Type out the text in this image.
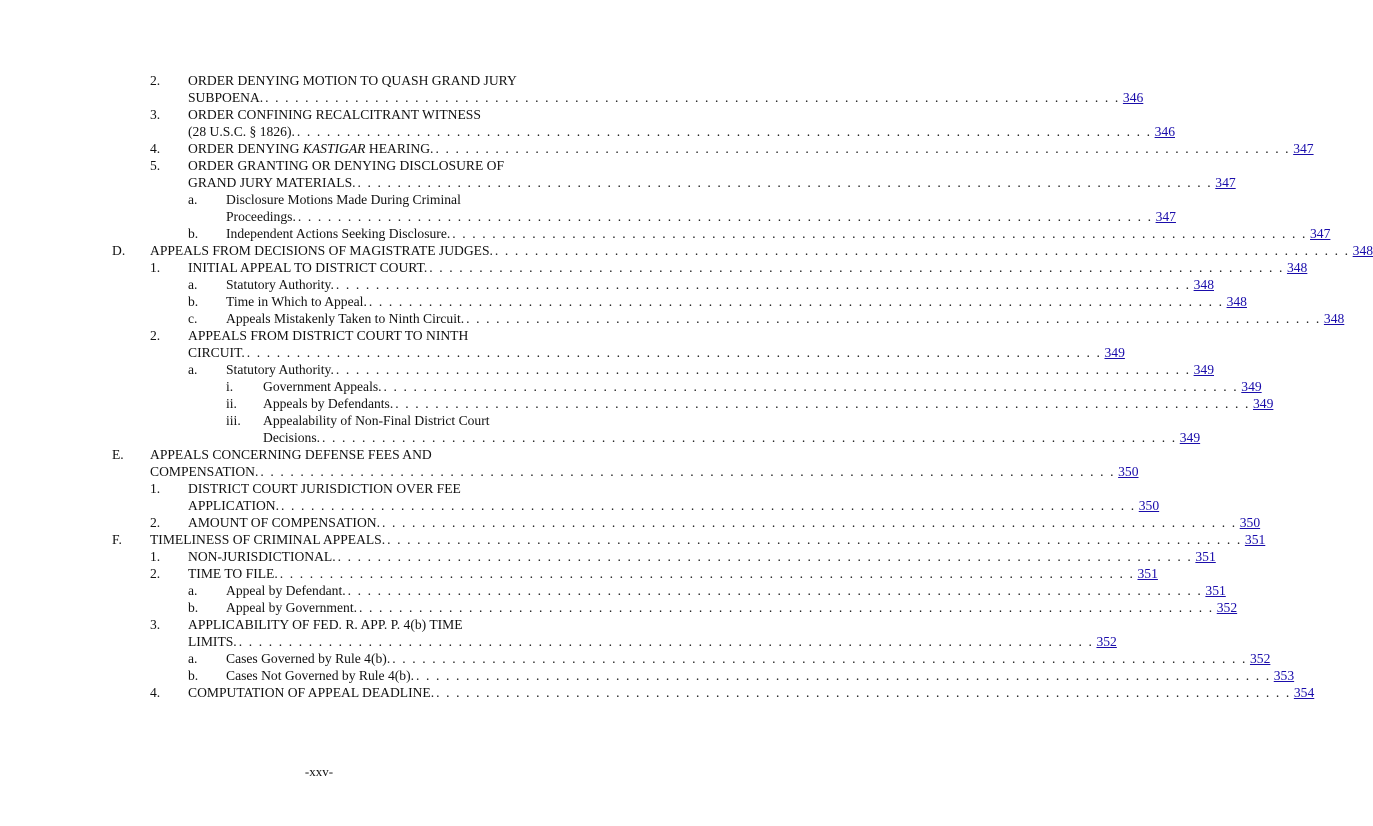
2. ORDER DENYING MOTION TO QUASH GRAND JURY
SUBPOENA. . . . . . . . . . . . . . . . . . . . . . . . . . . . . . . . . . . . . . . . . . . . . . . . . . . . . . . . . . . . . . . . . . . . . . . . . . . . . . . . . . . . . . . 346
3. ORDER CONFINING RECALCITRANT WITNESS
(28 U.S.C. § 1826). . . . . . . . . . . . . . . . . . . . . . . . . . . . . . . . . . . . . . . . . . . . . . . . . . . . . . . . . . . . . . . . . . . . . . . . . . . . . . . . . . . . . . . 346
4. ORDER DENYING KASTIGAR HEARING. . . . . . . . . . . . . . . . . . . . . . . . . . . . . . . . . . . . . . . . . . . . . . . . . . . . . . . . . . . . . . . . . . . . . . . . . . . . . . . . . . . . . . . 347
5. ORDER GRANTING OR DENYING DISCLOSURE OF
GRAND JURY MATERIALS. . . . . . . . . . . . . . . . . . . . . . . . . . . . . . . . . . . . . . . . . . . . . . . . . . . . . . . . . . . . . . . . . . . . . . . . . . . . . . . . . . . . . . . 347
a. Disclosure Motions Made During Criminal
Proceedings. . . . . . . . . . . . . . . . . . . . . . . . . . . . . . . . . . . . . . . . . . . . . . . . . . . . . . . . . . . . . . . . . . . . . . . . . . . . . . . . . . . . . . . 347
b. Independent Actions Seeking Disclosure. . . . . . . . . . . . . . . . . . . . . . . . . . . . . . . . . . . . . . . . . . . . . . . . . . . . . . . . . . . . . . . . . . . . . . . . . . . . . . . . . . . . . . . 347
D. APPEALS FROM DECISIONS OF MAGISTRATE JUDGES. . . . . . . . . . . . . . . . . . . . . . . . . . . . . . . . . . . . . . . . . . . . . . . . . . . . . . . . . . . . . . . . . . . . . . . . . . . . . . . . . . . . . . . 348
1. INITIAL APPEAL TO DISTRICT COURT. . . . . . . . . . . . . . . . . . . . . . . . . . . . . . . . . . . . . . . . . . . . . . . . . . . . . . . . . . . . . . . . . . . . . . . . . . . . . . . . . . . . . . . 348
a. Statutory Authority. . . . . . . . . . . . . . . . . . . . . . . . . . . . . . . . . . . . . . . . . . . . . . . . . . . . . . . . . . . . . . . . . . . . . . . . . . . . . . . . . . . . . . . 348
b. Time in Which to Appeal. . . . . . . . . . . . . . . . . . . . . . . . . . . . . . . . . . . . . . . . . . . . . . . . . . . . . . . . . . . . . . . . . . . . . . . . . . . . . . . . . . . . . . . 348
c. Appeals Mistakenly Taken to Ninth Circuit. . . . . . . . . . . . . . . . . . . . . . . . . . . . . . . . . . . . . . . . . . . . . . . . . . . . . . . . . . . . . . . . . . . . . . . . . . . . . . . . . . . . . . . 348
2. APPEALS FROM DISTRICT COURT TO NINTH
CIRCUIT. . . . . . . . . . . . . . . . . . . . . . . . . . . . . . . . . . . . . . . . . . . . . . . . . . . . . . . . . . . . . . . . . . . . . . . . . . . . . . . . . . . . . . . 349
a. Statutory Authority. . . . . . . . . . . . . . . . . . . . . . . . . . . . . . . . . . . . . . . . . . . . . . . . . . . . . . . . . . . . . . . . . . . . . . . . . . . . . . . . . . . . . . . 349
i. Government Appeals. . . . . . . . . . . . . . . . . . . . . . . . . . . . . . . . . . . . . . . . . . . . . . . . . . . . . . . . . . . . . . . . . . . . . . . . . . . . . . . . . . . . . . . 349
ii. Appeals by Defendants. . . . . . . . . . . . . . . . . . . . . . . . . . . . . . . . . . . . . . . . . . . . . . . . . . . . . . . . . . . . . . . . . . . . . . . . . . . . . . . . . . . . . . . 349
iii. Appealability of Non-Final District Court
Decisions. . . . . . . . . . . . . . . . . . . . . . . . . . . . . . . . . . . . . . . . . . . . . . . . . . . . . . . . . . . . . . . . . . . . . . . . . . . . . . . . . . . . . . . 349
E. APPEALS CONCERNING DEFENSE FEES AND
COMPENSATION. . . . . . . . . . . . . . . . . . . . . . . . . . . . . . . . . . . . . . . . . . . . . . . . . . . . . . . . . . . . . . . . . . . . . . . . . . . . . . . . . . . . . . . 350
1. DISTRICT COURT JURISDICTION OVER FEE
APPLICATION. . . . . . . . . . . . . . . . . . . . . . . . . . . . . . . . . . . . . . . . . . . . . . . . . . . . . . . . . . . . . . . . . . . . . . . . . . . . . . . . . . . . . . . 350
2. AMOUNT OF COMPENSATION. . . . . . . . . . . . . . . . . . . . . . . . . . . . . . . . . . . . . . . . . . . . . . . . . . . . . . . . . . . . . . . . . . . . . . . . . . . . . . . . . . . . . . . 350
F. TIMELINESS OF CRIMINAL APPEALS. . . . . . . . . . . . . . . . . . . . . . . . . . . . . . . . . . . . . . . . . . . . . . . . . . . . . . . . . . . . . . . . . . . . . . . . . . . . . . . . . . . . . . . 351
1. NON-JURISDICTIONAL. . . . . . . . . . . . . . . . . . . . . . . . . . . . . . . . . . . . . . . . . . . . . . . . . . . . . . . . . . . . . . . . . . . . . . . . . . . . . . . . . . . . . . . 351
2. TIME TO FILE. . . . . . . . . . . . . . . . . . . . . . . . . . . . . . . . . . . . . . . . . . . . . . . . . . . . . . . . . . . . . . . . . . . . . . . . . . . . . . . . . . . . . . . 351
a. Appeal by Defendant. . . . . . . . . . . . . . . . . . . . . . . . . . . . . . . . . . . . . . . . . . . . . . . . . . . . . . . . . . . . . . . . . . . . . . . . . . . . . . . . . . . . . . . 351
b. Appeal by Government. . . . . . . . . . . . . . . . . . . . . . . . . . . . . . . . . . . . . . . . . . . . . . . . . . . . . . . . . . . . . . . . . . . . . . . . . . . . . . . . . . . . . . . 352
3. APPLICABILITY OF FED. R. APP. P. 4(b) TIME
LIMITS. . . . . . . . . . . . . . . . . . . . . . . . . . . . . . . . . . . . . . . . . . . . . . . . . . . . . . . . . . . . . . . . . . . . . . . . . . . . . . . . . . . . . . . 352
a. Cases Governed by Rule 4(b). . . . . . . . . . . . . . . . . . . . . . . . . . . . . . . . . . . . . . . . . . . . . . . . . . . . . . . . . . . . . . . . . . . . . . . . . . . . . . . . . . . . . . . 352
b. Cases Not Governed by Rule 4(b). . . . . . . . . . . . . . . . . . . . . . . . . . . . . . . . . . . . . . . . . . . . . . . . . . . . . . . . . . . . . . . . . . . . . . . . . . . . . . . . . . . . . . . 353
4. COMPUTATION OF APPEAL DEADLINE. . . . . . . . . . . . . . . . . . . . . . . . . . . . . . . . . . . . . . . . . . . . . . . . . . . . . . . . . . . . . . . . . . . . . . . . . . . . . . . . . . . . . . . 354
-xxv-
